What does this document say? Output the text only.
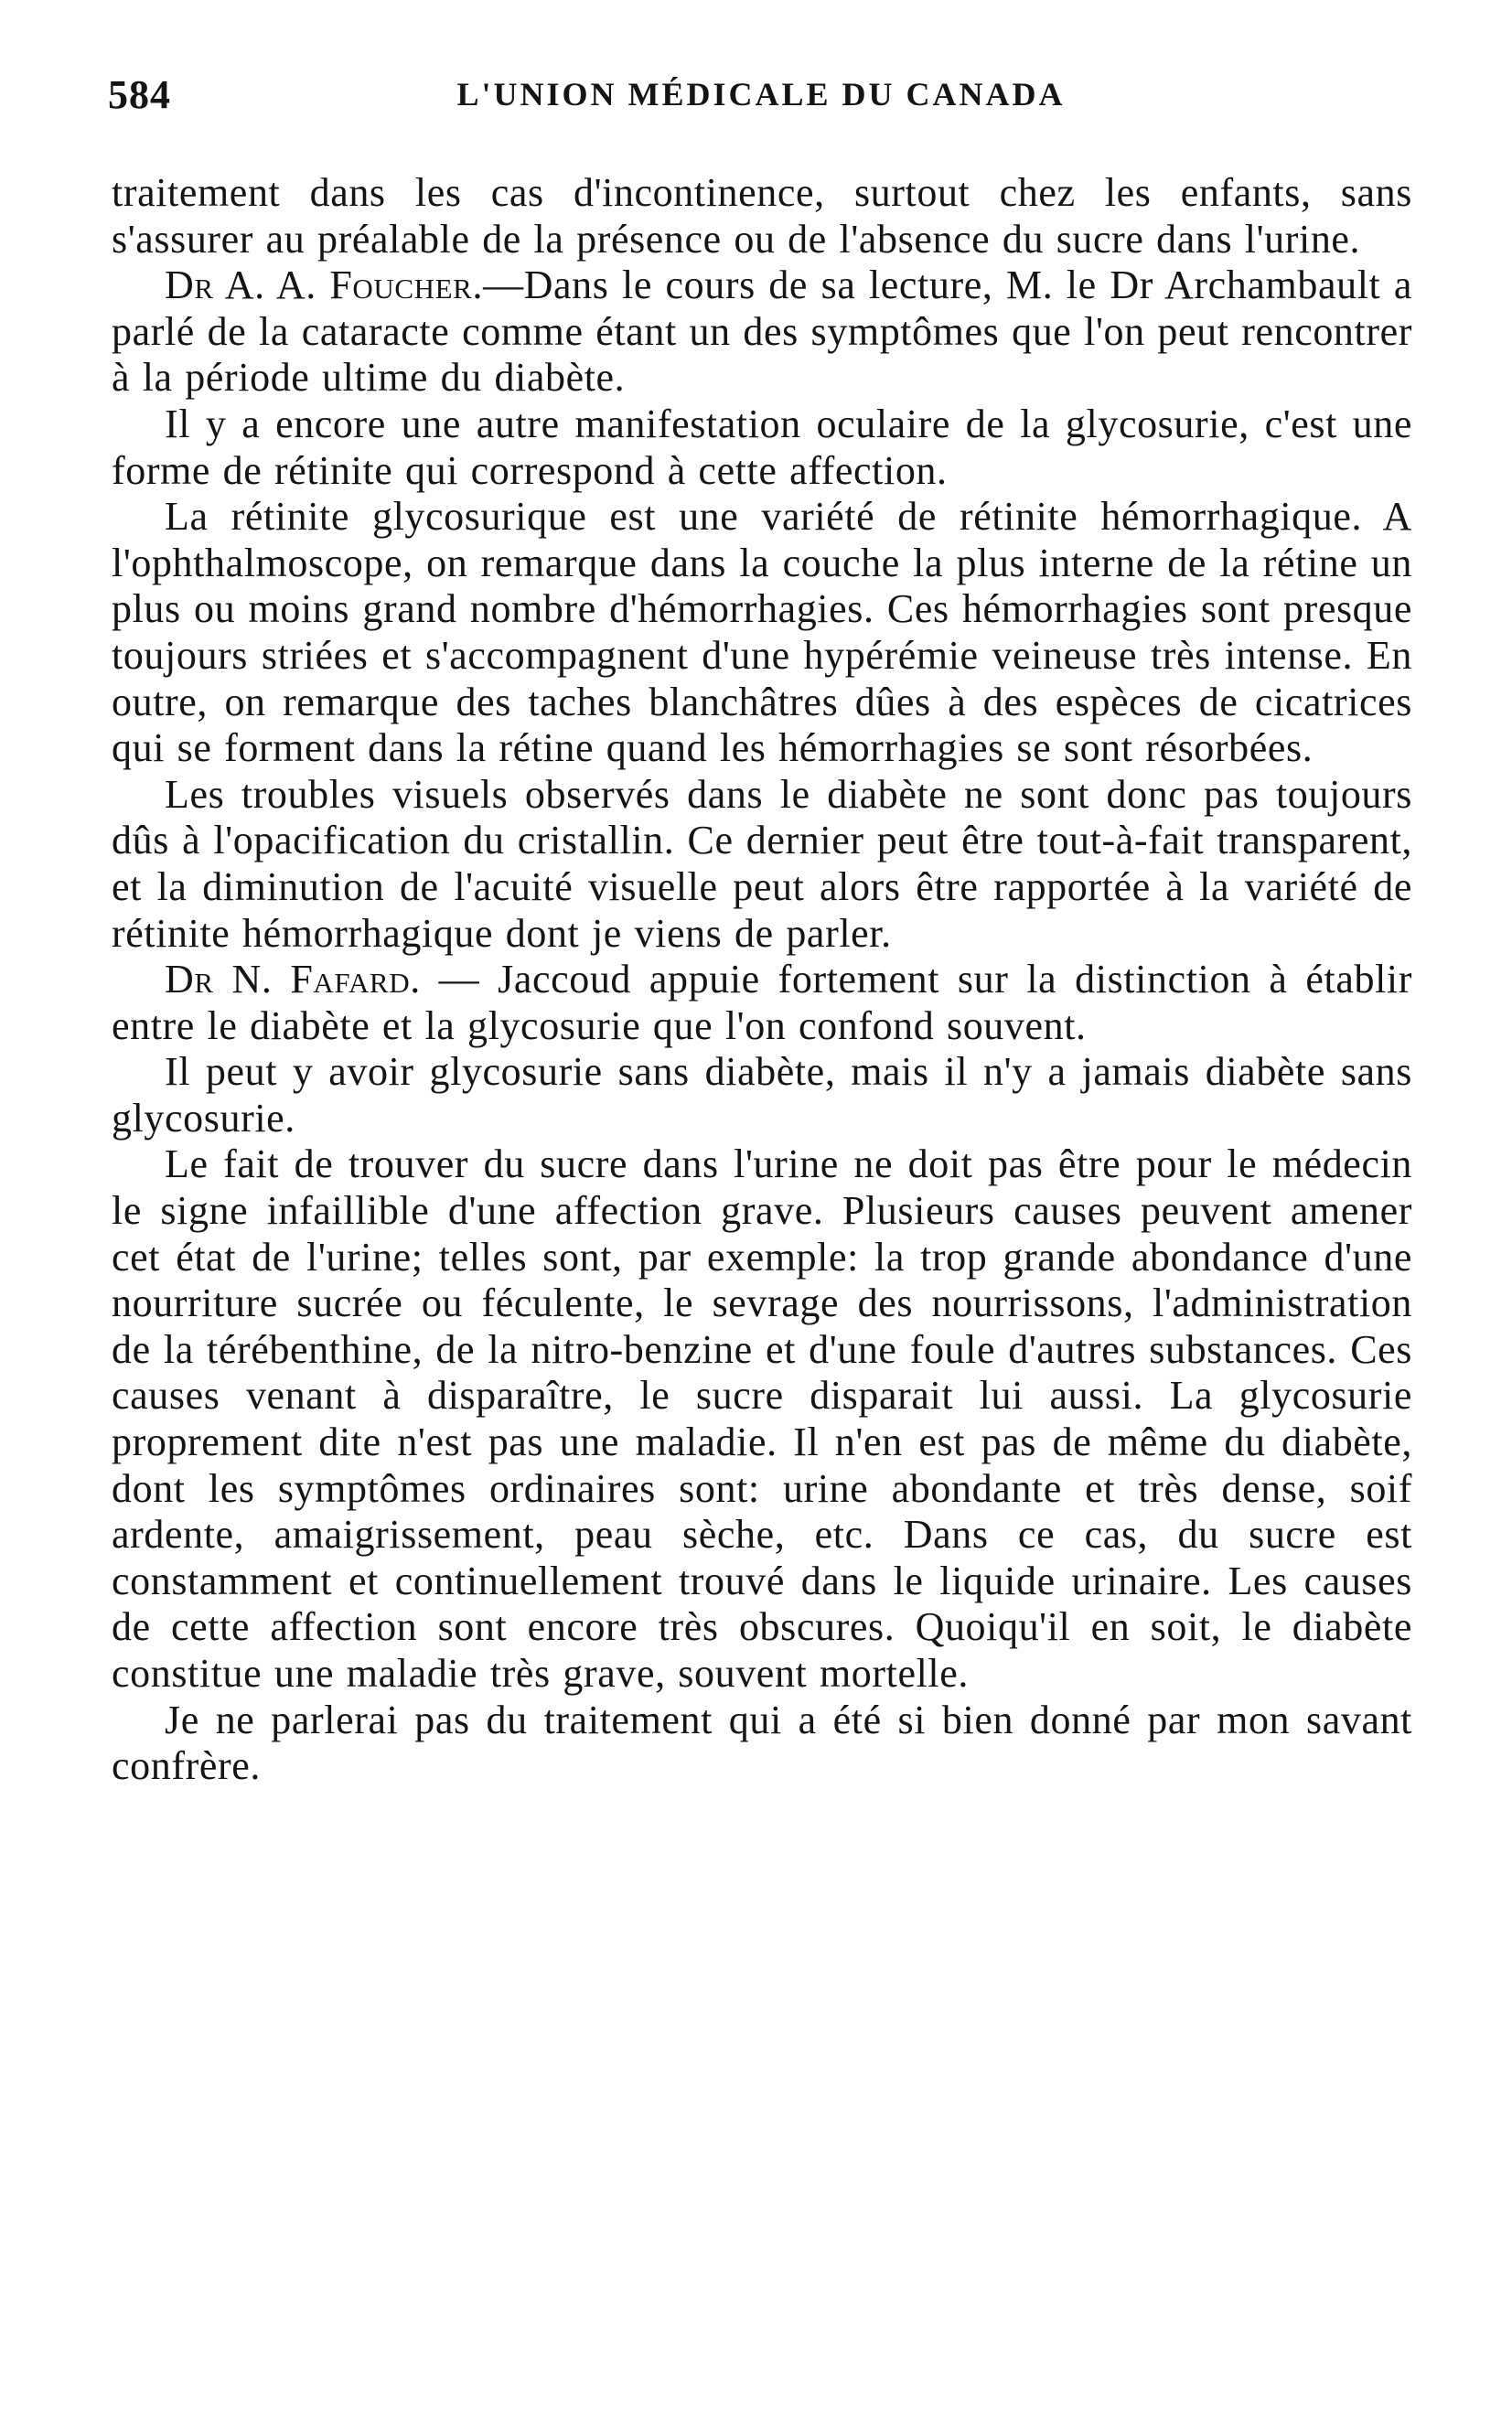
584	L'UNION MÉDICALE DU CANADA

traitement dans les cas d'incontinence, surtout chez les enfants, sans s'assurer au préalable de la présence ou de l'absence du sucre dans l'urine.

Dr A. A. Foucher.—Dans le cours de sa lecture, M. le Dr Archambault a parlé de la cataracte comme étant un des symptômes que l'on peut rencontrer à la période ultime du diabète.

Il y a encore une autre manifestation oculaire de la glycosurie, c'est une forme de rétinite qui correspond à cette affection.

La rétinite glycosurique est une variété de rétinite hémorrhagique. A l'ophthalmoscope, on remarque dans la couche la plus interne de la rétine un plus ou moins grand nombre d'hémorrhagies. Ces hémorrhagies sont presque toujours striées et s'accompagnent d'une hypérémie veineuse très intense. En outre, on remarque des taches blanchâtres dûes à des espèces de cicatrices qui se forment dans la rétine quand les hémorrhagies se sont résorbées.

Les troubles visuels observés dans le diabète ne sont donc pas toujours dûs à l'opacification du cristallin. Ce dernier peut être tout-à-fait transparent, et la diminution de l'acuité visuelle peut alors être rapportée à la variété de rétinite hémorrhagique dont je viens de parler.

Dr N. Fafard. — Jaccoud appuie fortement sur la distinction à établir entre le diabète et la glycosurie que l'on confond souvent.

Il peut y avoir glycosurie sans diabète, mais il n'y a jamais diabète sans glycosurie.

Le fait de trouver du sucre dans l'urine ne doit pas être pour le médecin le signe infaillible d'une affection grave. Plusieurs causes peuvent amener cet état de l'urine; telles sont, par exemple: la trop grande abondance d'une nourriture sucrée ou féculente, le sevrage des nourrissons, l'administration de la térébenthine, de la nitro-benzine et d'une foule d'autres substances. Ces causes venant à disparaître, le sucre disparait lui aussi. La glycosurie proprement dite n'est pas une maladie. Il n'en est pas de même du diabète, dont les symptômes ordinaires sont: urine abondante et très dense, soif ardente, amaigrissement, peau sèche, etc. Dans ce cas, du sucre est constamment et continuellement trouvé dans le liquide urinaire. Les causes de cette affection sont encore très obscures. Quoiqu'il en soit, le diabète constitue une maladie très grave, souvent mortelle.

Je ne parlerai pas du traitement qui a été si bien donné par mon savant confrère.
